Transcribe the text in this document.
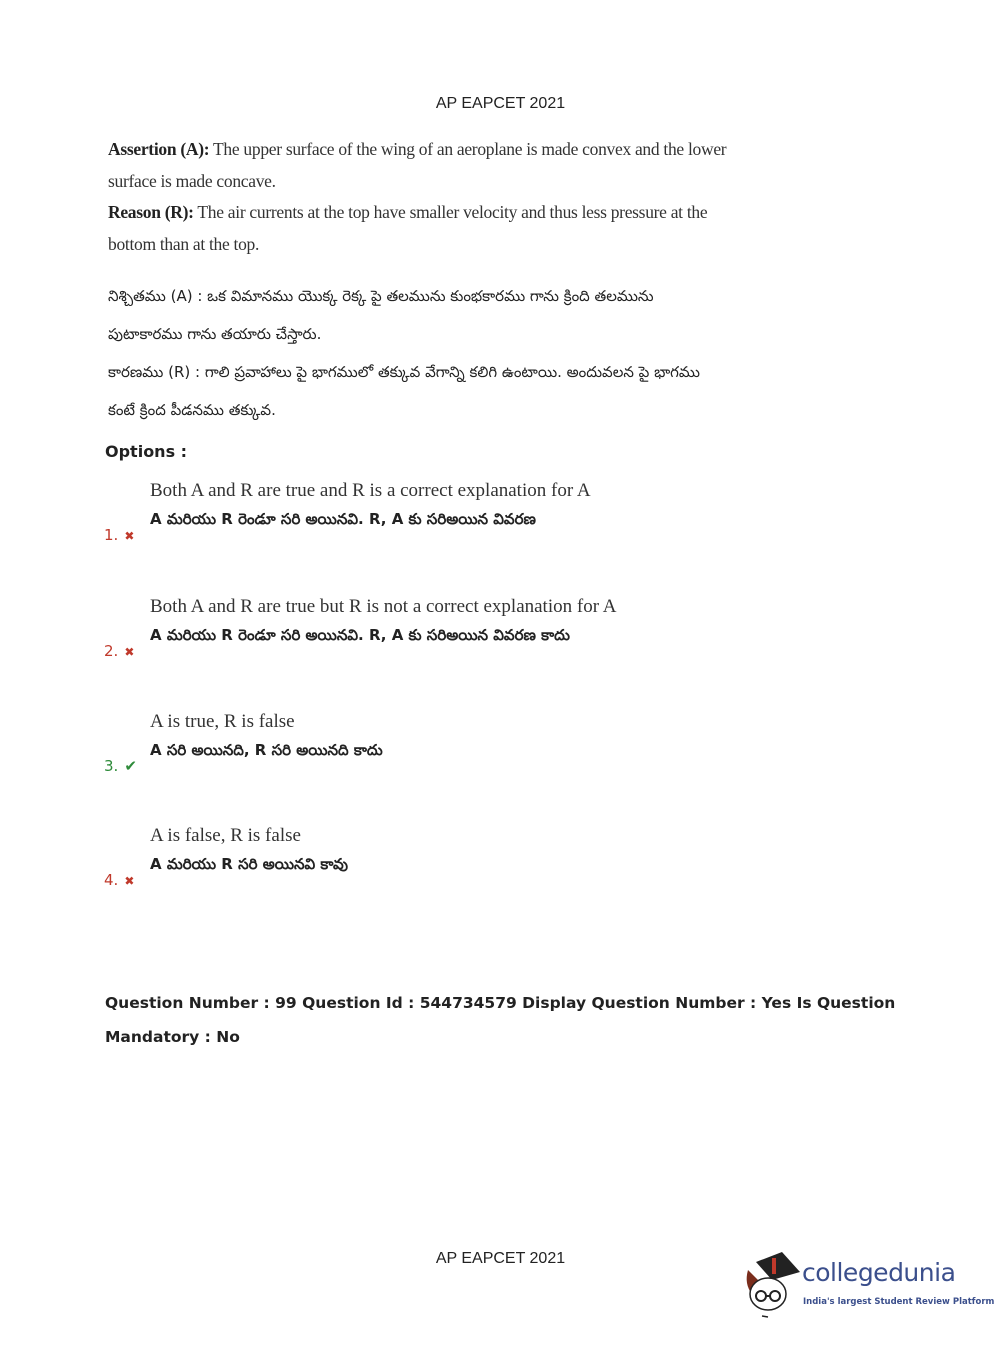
AP EAPCET 2021
Assertion (A): The upper surface of the wing of an aeroplane is made convex and the lower surface is made concave.
Reason (R): The air currents at the top have smaller velocity and thus less pressure at the bottom than at the top.
నిశ్చితము (A) : ఒక విమానము యొక్క రెక్క పై తలమును కుంభకారము గాను క్రింది తలమును పుటాకారము గాను తయారు చేస్తారు.
కారణము (R) : గాలి ప్రవాహాలు పై భాగములో తక్కువ వేగాన్ని కలిగి ఉంటాయి. అందువలన పై భాగము కంటే క్రింద పీడనము తక్కువ.
Options :
Both A and R are true and R is a correct explanation for A
A మరియు R రెండూ సరి అయినవి. R, A కు సరిఅయిన వివరణ
1. ✖
Both A and R are true but R is not a correct explanation for A
A మరియు R రెండూ సరి అయినవి. R, A కు సరిఅయిన వివరణ కాదు
2. ✖
A is true, R is false
A సరి అయినది, R సరి అయినది కాదు
3. ✔
A is false, R is false
A మరియు R సరి అయినవి కావు
4. ✖
Question Number : 99 Question Id : 544734579 Display Question Number : Yes Is Question Mandatory : No
AP EAPCET 2021	collegedunia
India's largest Student Review Platform
